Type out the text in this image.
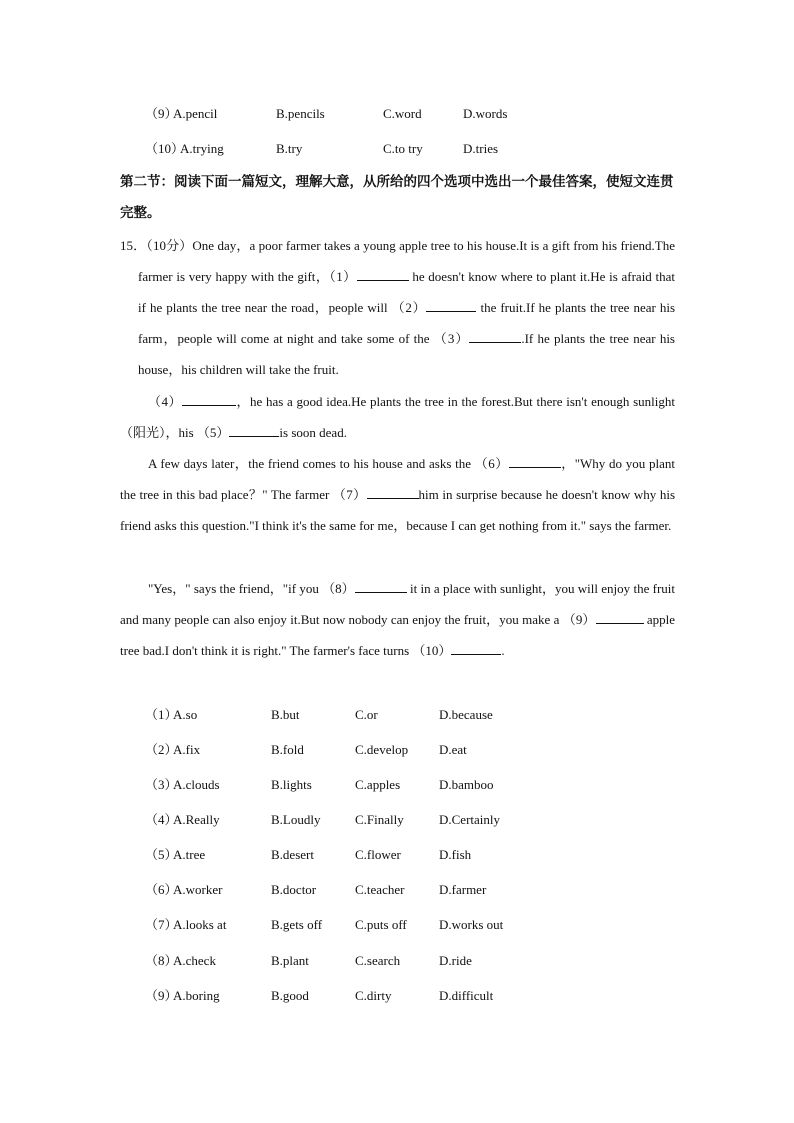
（9）
A.pencil	B.pencils	C.word	D.words
（10）
A.trying	B.try	C.to try	D.tries
第二节：阅读下面一篇短文，理解大意，从所给的四个选项中选出一个最佳答案，使短文连贯完整。
15．（10分）One day，a poor farmer takes a young apple tree to his house.It is a gift from his friend.The farmer is very happy with the gift，（1）	he doesn't know where to plant it.He is afraid that if he plants the tree near the road，people will （2）	the fruit.If he plants the tree near his farm，people will come at night and take some of the （3）	.If he plants the tree near his house，his children will take the fruit.

（4）	，he has a good idea.He plants the tree in the forest.But there isn't enough sunlight（阳光），his （5）	is soon dead.

A few days later，the friend comes to his house and asks the （6）	，"Why do you plant the tree in this bad place？" The farmer （7）	him in surprise because he doesn't know why his friend asks this question."I think it's the same for me，because I can get nothing from it." says the farmer.

"Yes，" says the friend，"if you （8）	it in a place with sunlight，you will enjoy the fruit and many people can also enjoy it.But now nobody can enjoy the fruit，you make a （9）	apple tree bad.I don't think it is right." The farmer's face turns （10）	.

（1）
A.so	B.but	C.or	D.because
（2）
A.fix	B.fold	C.develop D.eat
（3）
A.clouds	B.lights	C.apples	D.bamboo
（4）
A.Really	B.Loudly	C.Finally	D.Certainly
（5）
A.tree	B.desert	C.flower	D.fish
（6）
A.worker	B.doctor	C.teacher	D.farmer
（7）
A.looks at	B.gets off	C.puts off D.works out
（8）
A.check	B.plant	C.search	D.ride
（9）
A.boring	B.good	C.dirty	D.difficult
